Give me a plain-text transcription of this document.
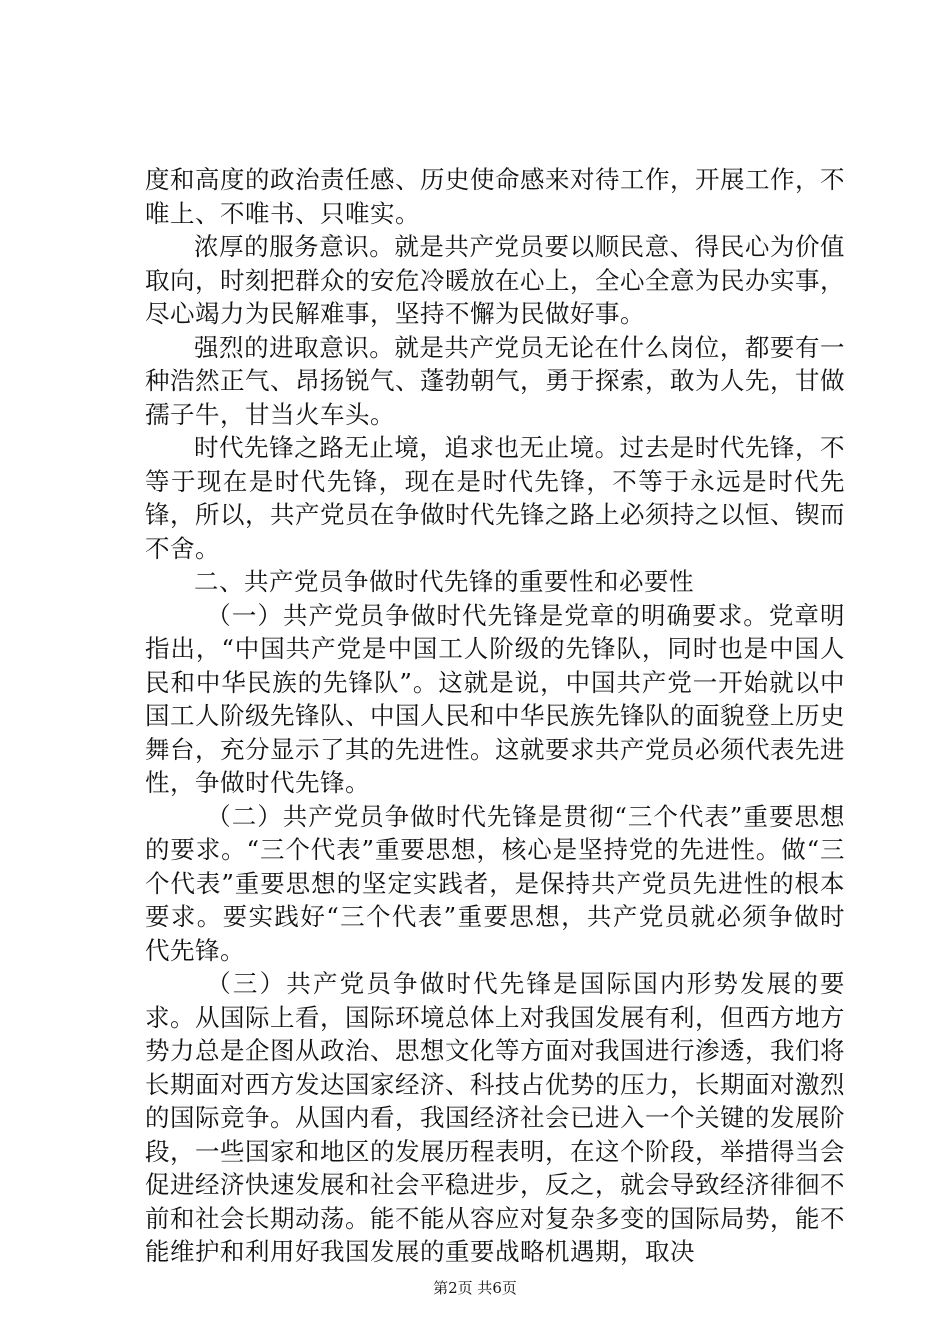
度和高度的政治责任感、历史使命感来对待工作，开展工作，不唯上、不唯书、只唯实。

浓厚的服务意识。就是共产党员要以顺民意、得民心为价值取向，时刻把群众的安危冷暖放在心上，全心全意为民办实事，尽心竭力为民解难事，坚持不懈为民做好事。

强烈的进取意识。就是共产党员无论在什么岗位，都要有一种浩然正气、昂扬锐气、蓬勃朝气，勇于探索，敢为人先，甘做孺子牛，甘当火车头。

时代先锋之路无止境，追求也无止境。过去是时代先锋，不等于现在是时代先锋，现在是时代先锋，不等于永远是时代先锋，所以，共产党员在争做时代先锋之路上必须持之以恒、锲而不舍。

二、共产党员争做时代先锋的重要性和必要性

（一）共产党员争做时代先锋是党章的明确要求。党章明指出，“中国共产党是中国工人阶级的先锋队，同时也是中国人民和中华民族的先锋队”。这就是说，中国共产党一开始就以中国工人阶级先锋队、中国人民和中华民族先锋队的面貌登上历史舞台，充分显示了其的先进性。这就要求共产党员必须代表先进性，争做时代先锋。

（二）共产党员争做时代先锋是贯彻“三个代表”重要思想的要求。“三个代表”重要思想，核心是坚持党的先进性。做“三个代表”重要思想的坚定实践者，是保持共产党员先进性的根本要求。要实践好“三个代表”重要思想，共产党员就必须争做时代先锋。

（三）共产党员争做时代先锋是国际国内形势发展的要求。从国际上看，国际环境总体上对我国发展有利，但西方地方势力总是企图从政治、思想文化等方面对我国进行渗透，我们将长期面对西方发达国家经济、科技占优势的压力，长期面对激烈的国际竞争。从国内看，我国经济社会已进入一个关键的发展阶段，一些国家和地区的发展历程表明，在这个阶段，举措得当会促进经济快速发展和社会平稳进步，反之，就会导致经济徘徊不前和社会长期动荡。能不能从容应对复杂多变的国际局势，能不能维护和利用好我国发展的重要战略机遇期，取决

第2页 共6页
